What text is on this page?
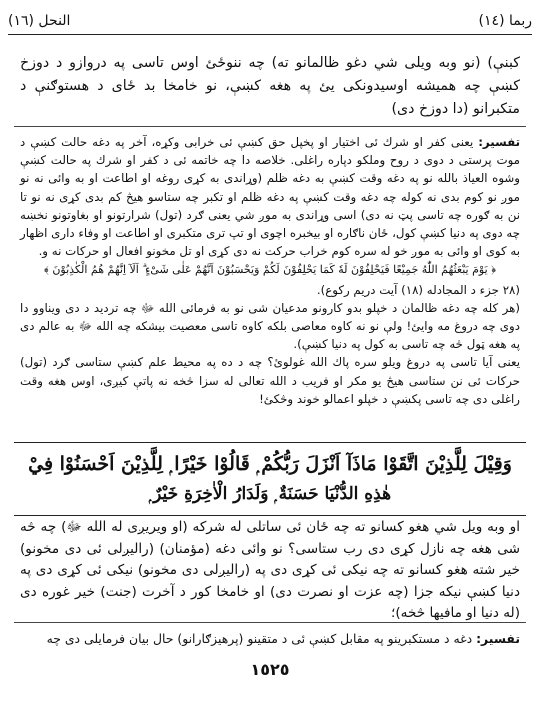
ربما (١٤)
النحل (١٦)

كبنې) (نو وبه ويلى شي دغو ظالمانو ته) چه ننوځئ اوس تاسى په دروازو د دوزخ كښې چه هميشه اوسيدونكى يئ په هغه كښې، نو خامخا بد ځاى د هستوګنې د متكبرانو (دا دوزخ دى)

تفسير: يعنى كفر او شرك ئى اختيار او پخپل حق كښې ئى خرابى وكړه، آخر په دغه حالت كښې د موت پرستى د دوى د روح وملكو دپاره راغلى. خلاصه دا چه خاتمه ئى د كفر او شرك په حالت كښې وشوه العياذ بالله نو په دغه وقت كښې به دغه ظلم (وړاندى به كړى روغه او اطاعت او به وائى نه نو موږ نو كوم بدى نه كوله چه دغه وقت كښې په دغه ظلم او تكبر چه ستاسو هيڅ كم بدى كړى نه نو تا نن به ګوره چه تاسى پټ نه دى) اسى وړاندى به موږ شي يعنى ګرد (تول) شرارتونو او بغاوتونو نخښه چه دوى په دنيا كښې كول، ځان ناګاره او بيخبره اچوى او تپ ترى متكبرى او اطاعت او وفاء دارى اظهار به كوى او وائى به موږ خو له سره كوم خراب حركت نه دى كړى او تل مخونو افعال او حركات نه و.

﴿ يَوْمَ يَبْعَثُهُمُ اللّٰهُ جَمِيْعًا فَيَحْلِفُوْنَ لَهٗ كَمَا يَحْلِفُوْنَ لَكُمْ وَيَحْسَبُوْنَ اَنَّهُمْ عَلٰى شَىْءٍ ۗ اَلَآ اِنَّهُمْ هُمُ الْكٰذِبُوْنَ ﴾

(٢٨ جزء د المجادله (١٨) آيت دريم ركوع).

(هر كله چه دغه ظالمان د خپلو بدو كارونو مدعيان شى نو به فرمائى الله ﷻ چه تردید د دى ويناوو دا دوى چه دروغ مه وايئ! ولې نو نه كاوه معاصى بلكه كاوه تاسى معصيت بيشكه چه الله ﷻ به عالم دى په هغه ټول څه چه تاسى به كول په دنيا كښې).

يعنى آيا تاسى په دروغ ويلو سره پاك الله غولوئ؟ چه د ده په محيط علم كښې ستاسى ګرد (تول) حركات ئى نن ستاسى هيڅ يو مكر او فريب د الله تعالى له سزا څخه نه پاتې كيږى، اوس هغه وقت راغلى دى چه تاسى پكښې د خپلو اعمالو خوند وڅكئ!

وَقِيْلَ لِلَّذِيْنَ اتَّقَوْا مَاذَآ اَنْزَلَ رَبُّكُمْ ۭ قَالُوْا خَيْرًا ۭ لِلَّذِيْنَ اَحْسَنُوْا فِيْ
هٰذِهِ الدُّنْيَا حَسَنَةٌ ۭ وَلَدَارُ الْاٰخِرَةِ خَيْرٌ ۭ

او وبه ويل شي هغو كسانو ته چه ځان ئى ساتلى له شركه (او ويريږى له الله ﷻ) چه څه شى هغه چه نازل كړى دى رب ستاسى؟ نو وائى دغه (مؤمنان) (راليږلى ئى دى مخونو) خير شته هغو كسانو ته چه نيكى ئى كړى دى په (رالیږلی دی مخونو) نيكى ئى كړى دى په دنيا كښې نيكه جزا (چه عزت او نصرت دى) او خامخا كور د آخرت (جنت) خير غوره دى (له دنيا او مافيها څخه)؛

تفسير: دغه د مستكبرينو په مقابل كښې ئى د متقينو (پرهيزګارانو) حال بيان فرمايلى دى چه

١٥٢٥
